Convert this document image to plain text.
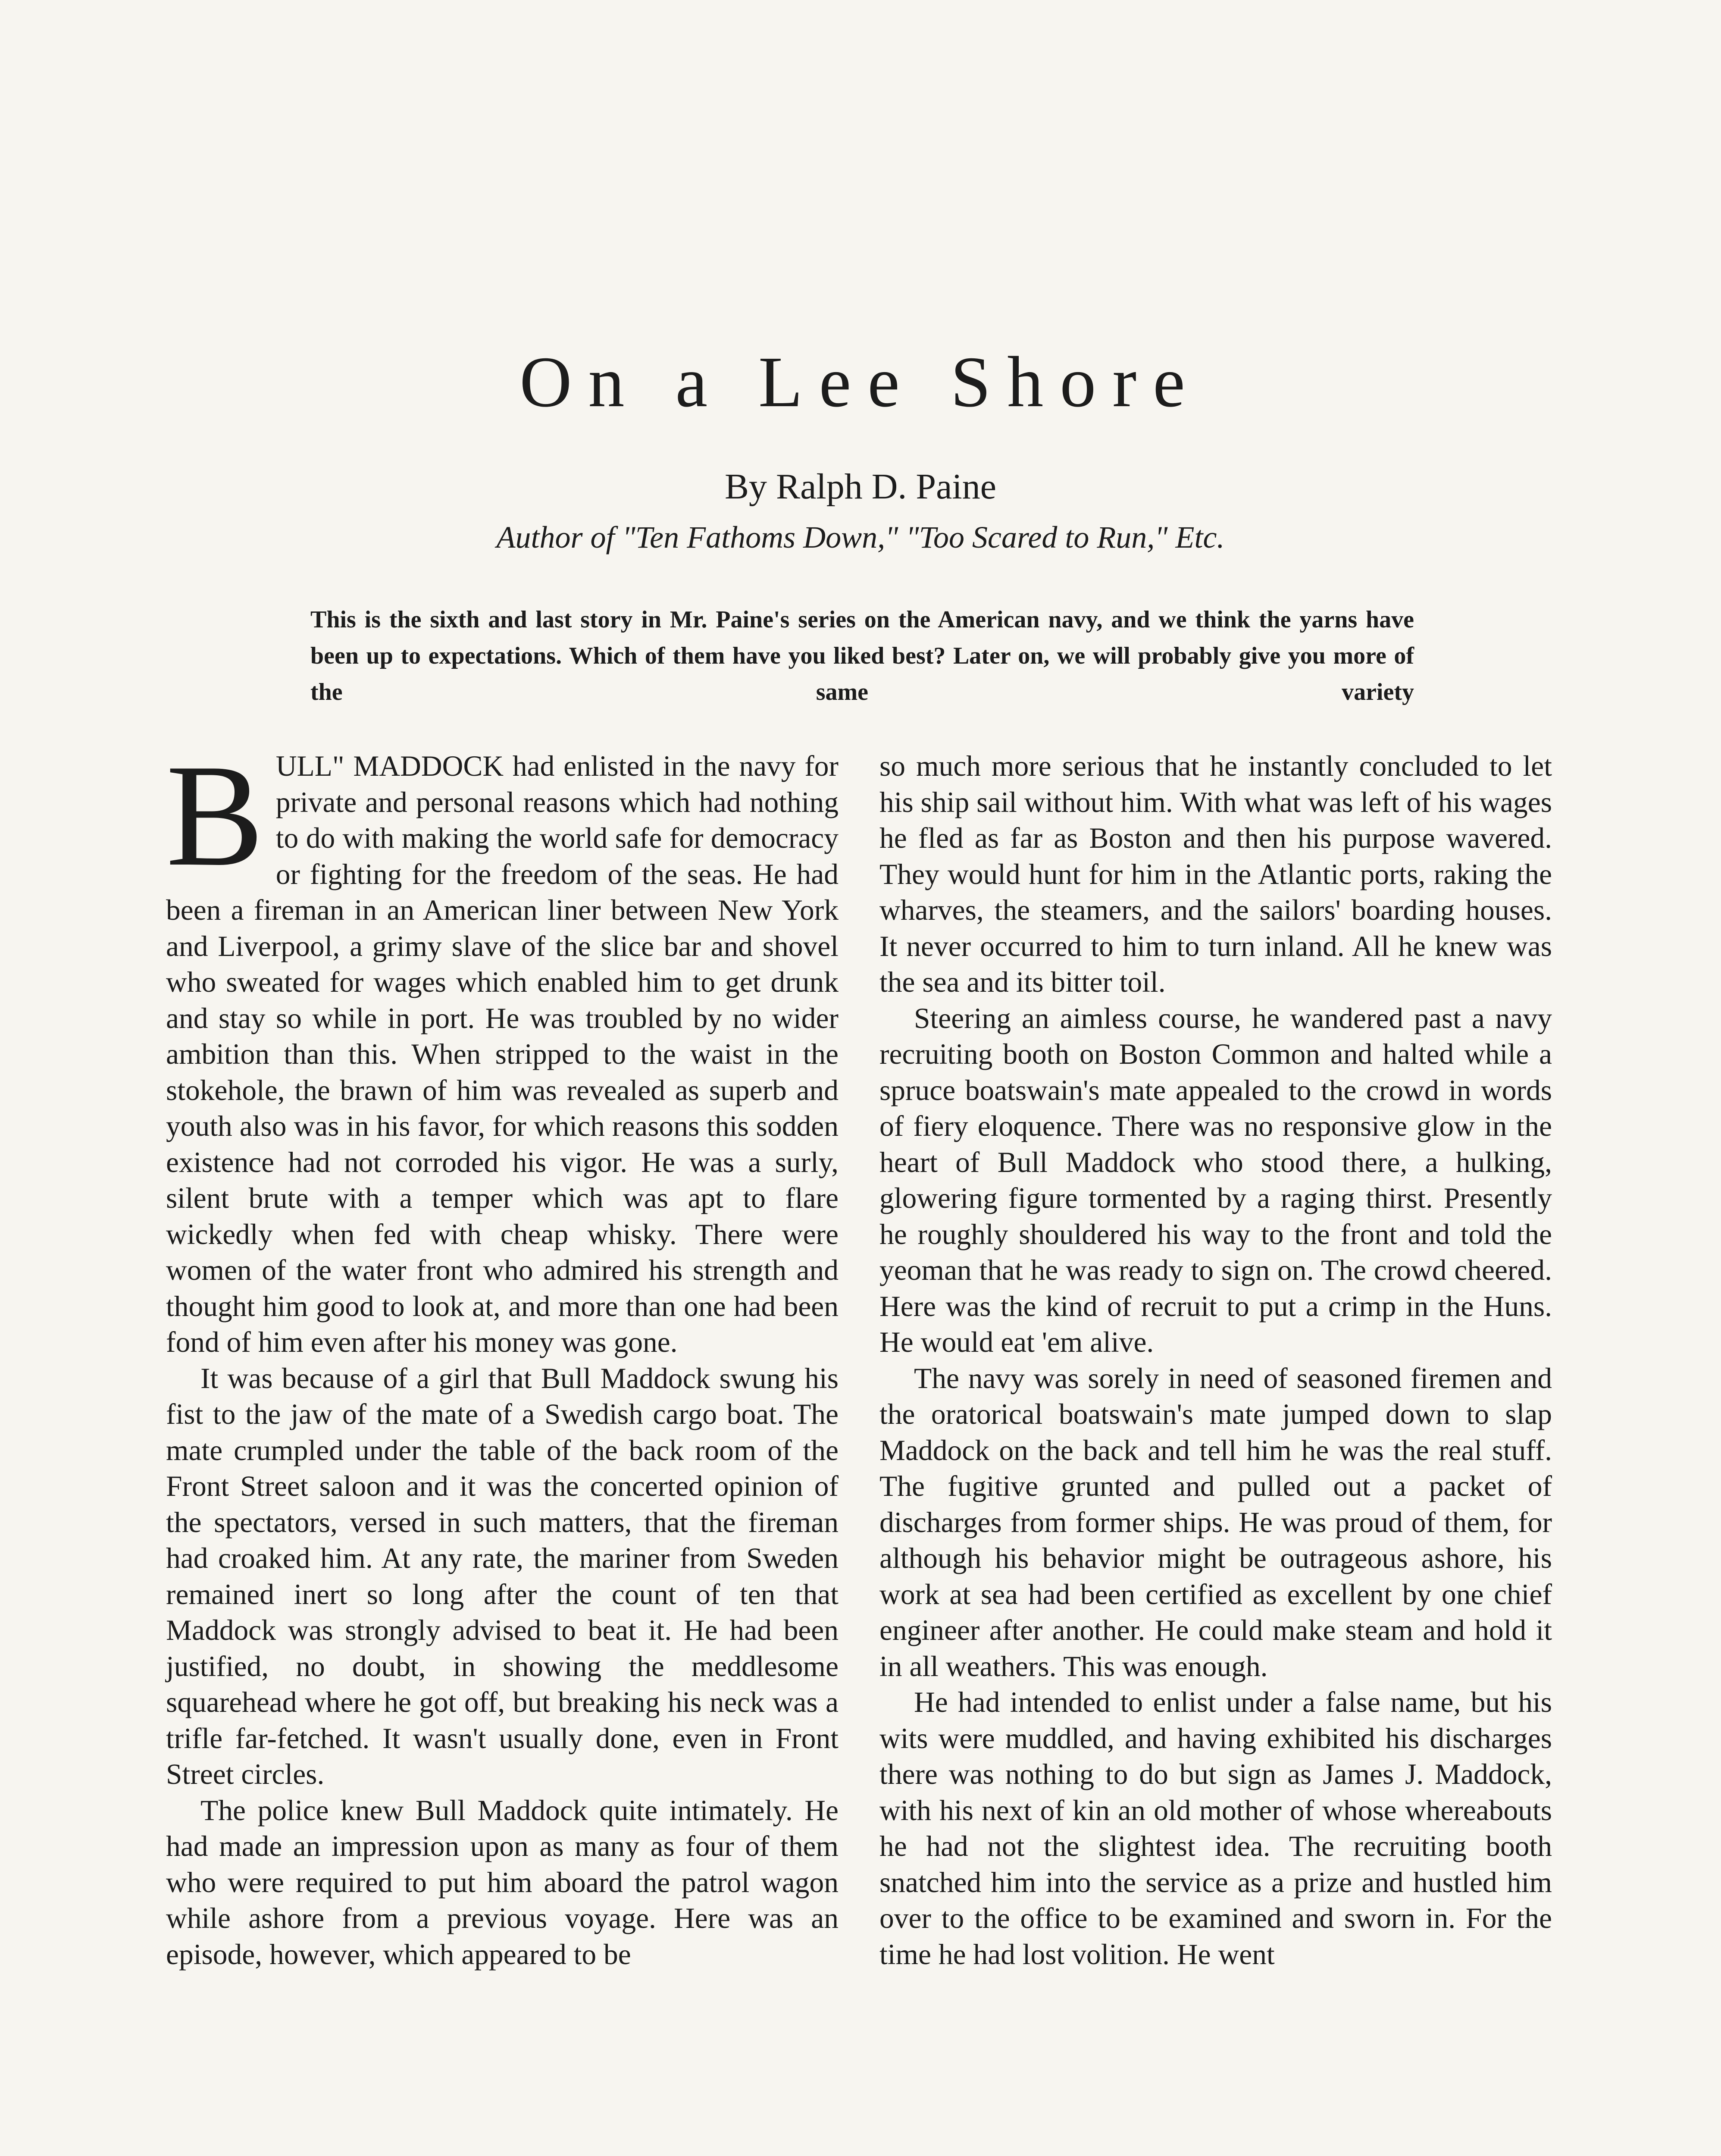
On a Lee Shore
By Ralph D. Paine
Author of "Ten Fathoms Down," "Too Scared to Run," Etc.
This is the sixth and last story in Mr. Paine's series on the American navy, and we think the yarns have been up to expectations. Which of them have you liked best? Later on, we will probably give you more of the same variety

BULL" MADDOCK had enlisted in the navy for private and personal reasons which had nothing to do with making the world safe for democracy or fighting for the freedom of the seas. He had been a fireman in an American liner between New York and Liverpool, a grimy slave of the slice bar and shovel who sweated for wages which enabled him to get drunk and stay so while in port. He was troubled by no wider ambition than this. When stripped to the waist in the stokehole, the brawn of him was revealed as superb and youth also was in his favor, for which reasons this sodden existence had not corroded his vigor. He was a surly, silent brute with a temper which was apt to flare wickedly when fed with cheap whisky. There were women of the water front who admired his strength and thought him good to look at, and more than one had been fond of him even after his money was gone.

It was because of a girl that Bull Maddock swung his fist to the jaw of the mate of a Swedish cargo boat. The mate crumpled under the table of the back room of the Front Street saloon and it was the concerted opinion of the spectators, versed in such matters, that the fireman had croaked him. At any rate, the mariner from Sweden remained inert so long after the count of ten that Maddock was strongly advised to beat it. He had been justified, no doubt, in showing the meddlesome squarehead where he got off, but breaking his neck was a trifle far-fetched. It wasn't usually done, even in Front Street circles.

The police knew Bull Maddock quite intimately. He had made an impression upon as many as four of them who were required to put him aboard the patrol wagon while ashore from a previous voyage. Here was an episode, however, which appeared to be

so much more serious that he instantly concluded to let his ship sail without him. With what was left of his wages he fled as far as Boston and then his purpose wavered. They would hunt for him in the Atlantic ports, raking the wharves, the steamers, and the sailors' boarding houses. It never occurred to him to turn inland. All he knew was the sea and its bitter toil.

Steering an aimless course, he wandered past a navy recruiting booth on Boston Common and halted while a spruce boatswain's mate appealed to the crowd in words of fiery eloquence. There was no responsive glow in the heart of Bull Maddock who stood there, a hulking, glowering figure tormented by a raging thirst. Presently he roughly shouldered his way to the front and told the yeoman that he was ready to sign on. The crowd cheered. Here was the kind of recruit to put a crimp in the Huns. He would eat 'em alive.

The navy was sorely in need of seasoned firemen and the oratorical boatswain's mate jumped down to slap Maddock on the back and tell him he was the real stuff. The fugitive grunted and pulled out a packet of discharges from former ships. He was proud of them, for although his behavior might be outrageous ashore, his work at sea had been certified as excellent by one chief engineer after another. He could make steam and hold it in all weathers. This was enough.

He had intended to enlist under a false name, but his wits were muddled, and having exhibited his discharges there was nothing to do but sign as James J. Maddock, with his next of kin an old mother of whose whereabouts he had not the slightest idea. The recruiting booth snatched him into the service as a prize and hustled him over to the office to be examined and sworn in. For the time he had lost volition. He went
